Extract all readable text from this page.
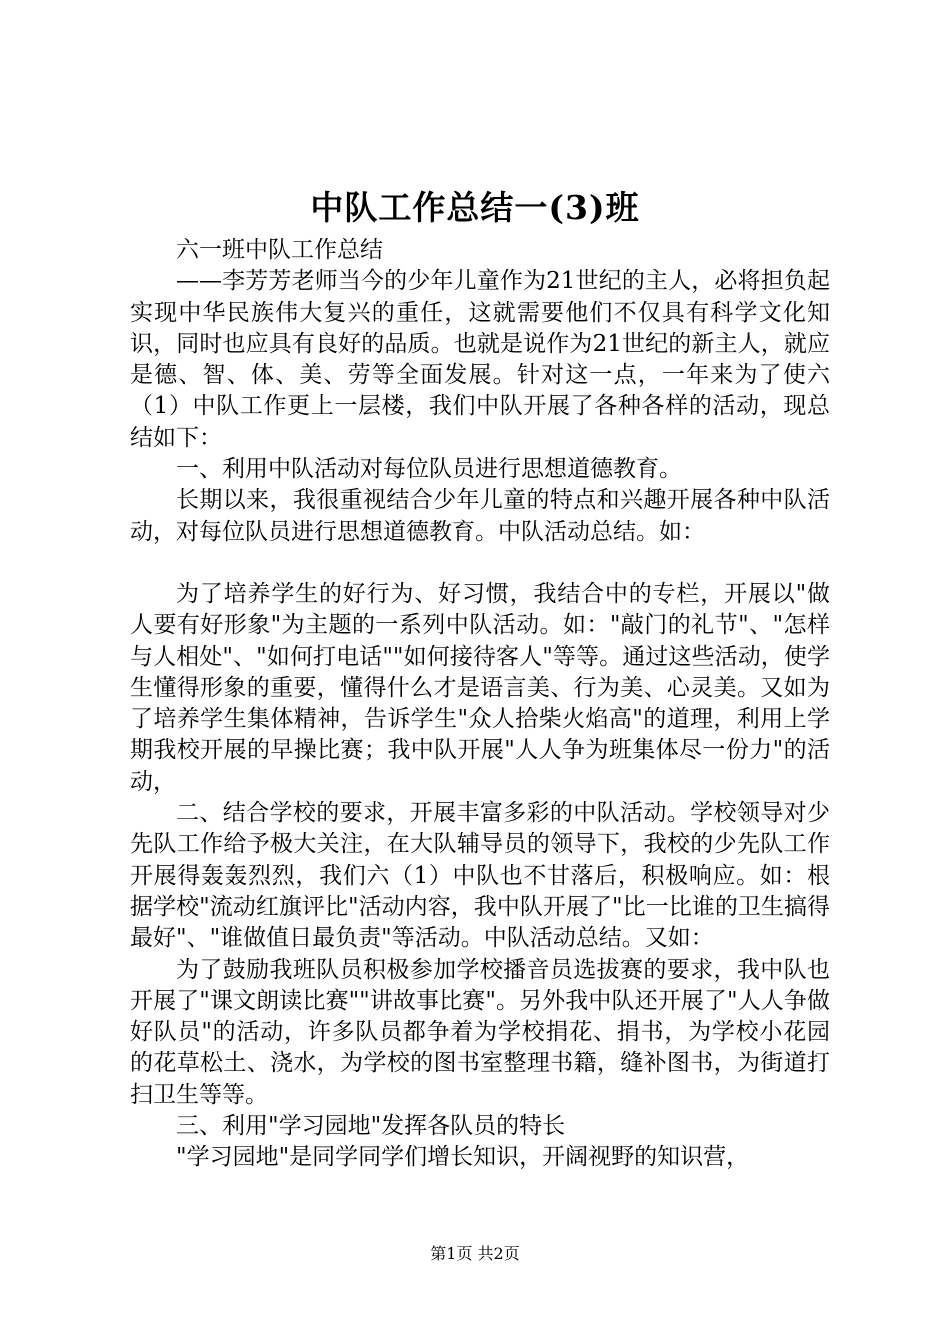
中队工作总结一(3)班

六一班中队工作总结

——李芳芳老师当今的少年儿童作为21世纪的主人，必将担负起实现中华民族伟大复兴的重任，这就需要他们不仅具有科学文化知识，同时也应具有良好的品质。也就是说作为21世纪的新主人，就应是德、智、体、美、劳等全面发展。针对这一点，一年来为了使六（1）中队工作更上一层楼，我们中队开展了各种各样的活动，现总结如下：

一、利用中队活动对每位队员进行思想道德教育。

长期以来，我很重视结合少年儿童的特点和兴趣开展各种中队活动，对每位队员进行思想道德教育。中队活动总结。如：

为了培养学生的好行为、好习惯，我结合中的专栏，开展以"做人要有好形象"为主题的一系列中队活动。如："敲门的礼节"、"怎样与人相处"、"如何打电话""如何接待客人"等等。通过这些活动，使学生懂得形象的重要，懂得什么才是语言美、行为美、心灵美。又如为了培养学生集体精神，告诉学生"众人拾柴火焰高"的道理，利用上学期我校开展的早操比赛；我中队开展"人人争为班集体尽一份力"的活动，

二、结合学校的要求，开展丰富多彩的中队活动。学校领导对少先队工作给予极大关注，在大队辅导员的领导下，我校的少先队工作开展得轰轰烈烈，我们六（1）中队也不甘落后，积极响应。如：根据学校"流动红旗评比"活动内容，我中队开展了"比一比谁的卫生搞得最好"、"谁做值日最负责"等活动。中队活动总结。又如：

为了鼓励我班队员积极参加学校播音员选拔赛的要求，我中队也开展了"课文朗读比赛""讲故事比赛"。另外我中队还开展了"人人争做好队员"的活动，许多队员都争着为学校捐花、捐书，为学校小花园的花草松土、浇水，为学校的图书室整理书籍，缝补图书，为街道打扫卫生等等。

三、利用"学习园地"发挥各队员的特长

"学习园地"是同学同学们增长知识，开阔视野的知识营，

第1页 共2页
